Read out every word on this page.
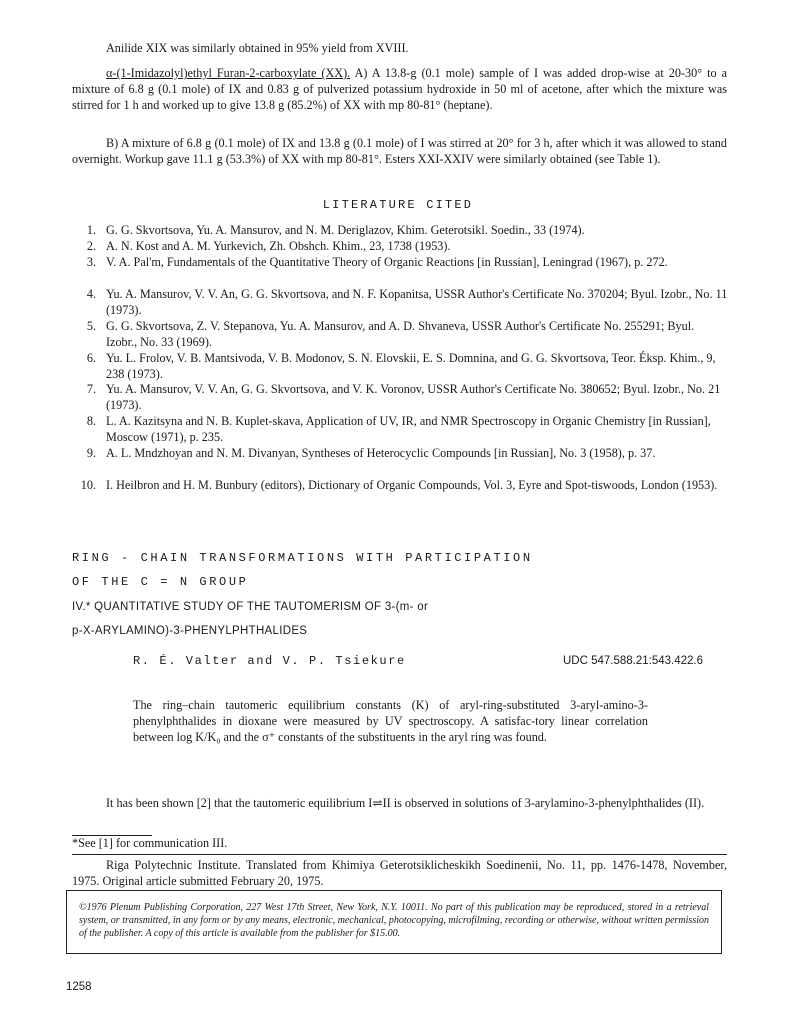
Anilide XIX was similarly obtained in 95% yield from XVIII.

α-(1-Imidazolyl)ethyl Furan-2-carboxylate (XX). A) A 13.8-g (0.1 mole) sample of I was added drop-wise at 20-30° to a mixture of 6.8 g (0.1 mole) of IX and 0.83 g of pulverized potassium hydroxide in 50 ml of acetone, after which the mixture was stirred for 1 h and worked up to give 13.8 g (85.2%) of XX with mp 80-81° (heptane).

B) A mixture of 6.8 g (0.1 mole) of IX and 13.8 g (0.1 mole) of I was stirred at 20° for 3 h, after which it was allowed to stand overnight. Workup gave 11.1 g (53.3%) of XX with mp 80-81°. Esters XXI-XXIV were similarly obtained (see Table 1).

LITERATURE CITED
1. G. G. Skvortsova, Yu. A. Mansurov, and N. M. Deriglazov, Khim. Geterotsikl. Soedin., 33 (1974).
2. A. N. Kost and A. M. Yurkevich, Zh. Obshch. Khim., 23, 1738 (1953).
3. V. A. Pal'm, Fundamentals of the Quantitative Theory of Organic Reactions [in Russian], Leningrad (1967), p. 272.
4. Yu. A. Mansurov, V. V. An, G. G. Skvortsova, and N. F. Kopanitsa, USSR Author's Certificate No. 370204; Byul. Izobr., No. 11 (1973).
5. G. G. Skvortsova, Z. V. Stepanova, Yu. A. Mansurov, and A. D. Shvaneva, USSR Author's Certificate No. 255291; Byul. Izobr., No. 33 (1969).
6. Yu. L. Frolov, V. B. Mantsivoda, V. B. Modonov, S. N. Elovskii, E. S. Domnina, and G. G. Skvortsova, Teor. Éksp. Khim., 9, 238 (1973).
7. Yu. A. Mansurov, V. V. An, G. G. Skvortsova, and V. K. Voronov, USSR Author's Certificate No. 380652; Byul. Izobr., No. 21 (1973).
8. L. A. Kazitsyna and N. B. Kuplet-skava, Application of UV, IR, and NMR Spectroscopy in Organic Chemistry [in Russian], Moscow (1971), p. 235.
9. A. L. Mndzhoyan and N. M. Divanyan, Syntheses of Heterocyclic Compounds [in Russian], No. 3 (1958), p. 37.
10. I. Heilbron and H. M. Bunbury (editors), Dictionary of Organic Compounds, Vol. 3, Eyre and Spot-tiswoods, London (1953).
RING - CHAIN TRANSFORMATIONS WITH PARTICIPATION
OF THE C = N GROUP
IV.* QUANTITATIVE STUDY OF THE TAUTOMERISM OF 3-(m- or
p-X-ARYLAMINO)-3-PHENYLPHTHALIDES
R. É. Valter and V. P. Tsiekure	UDC 547.588.21:543.422.6

The ring–chain tautomeric equilibrium constants (K) of aryl-ring-substituted 3-aryl-amino-3-phenylphthalides in dioxane were measured by UV spectroscopy. A satisfac-tory linear correlation between log K/K₀ and the σ⁺ constants of the substituents in the aryl ring was found.

It has been shown [2] that the tautomeric equilibrium I⇌II is observed in solutions of 3-arylamino-3-phenylphthalides (II).

*See [1] for communication III.

Riga Polytechnic Institute. Translated from Khimiya Geterotsiklicheskikh Soedinenii, No. 11, pp. 1476-1478, November, 1975. Original article submitted February 20, 1975.

©1976 Plenum Publishing Corporation, 227 West 17th Street, New York, N.Y. 10011. No part of this publication may be reproduced, stored in a retrieval system, or transmitted, in any form or by any means, electronic, mechanical, photocopying, microfilming, recording or otherwise, without written permission of the publisher. A copy of this article is available from the publisher for $15.00.

1258
